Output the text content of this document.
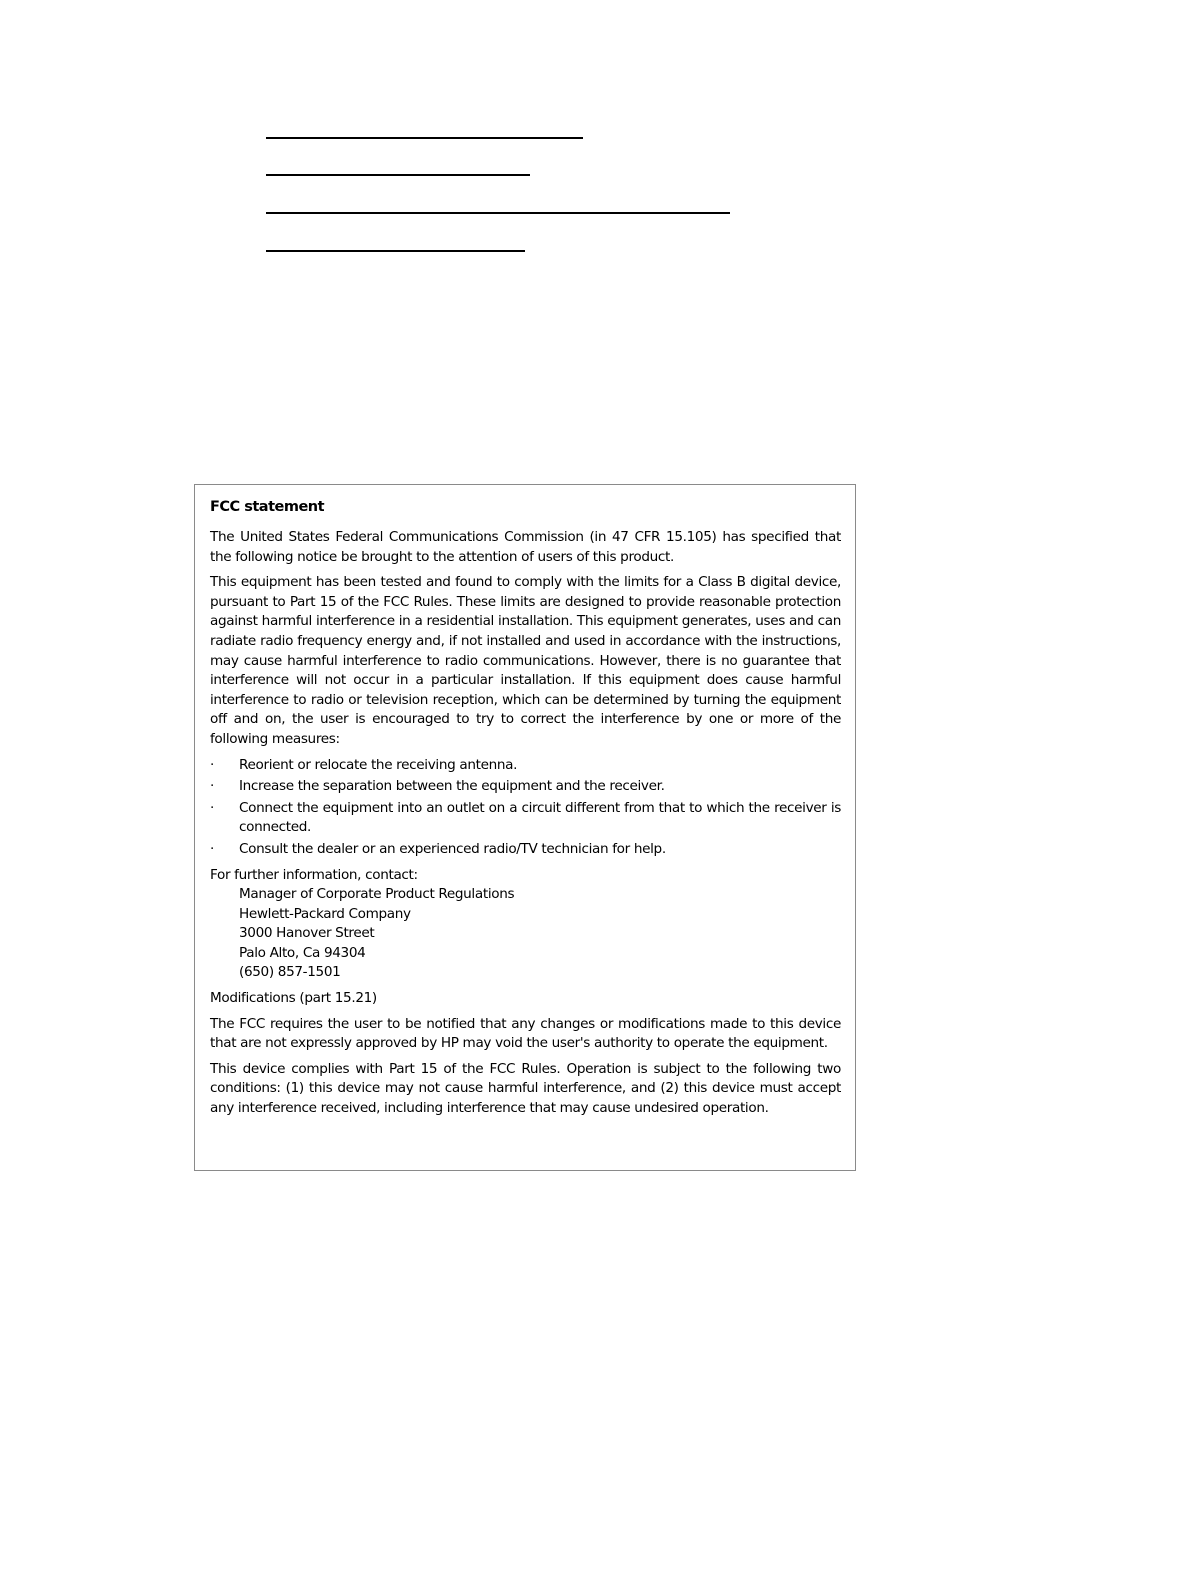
FCC statement

The United States Federal Communications Commission (in 47 CFR 15.105) has specified that the following notice be brought to the attention of users of this product.

This equipment has been tested and found to comply with the limits for a Class B digital device, pursuant to Part 15 of the FCC Rules. These limits are designed to provide reasonable protection against harmful interference in a residential installation. This equipment generates, uses and can radiate radio frequency energy and, if not installed and used in accordance with the instructions, may cause harmful interference to radio communications. However, there is no guarantee that interference will not occur in a particular installation. If this equipment does cause harmful interference to radio or television reception, which can be determined by turning the equipment off and on, the user is encouraged to try to correct the interference by one or more of the following measures:

· Reorient or relocate the receiving antenna.
· Increase the separation between the equipment and the receiver.
· Connect the equipment into an outlet on a circuit different from that to which the receiver is connected.
· Consult the dealer or an experienced radio/TV technician for help.
For further information, contact:
Manager of Corporate Product Regulations
Hewlett-Packard Company
3000 Hanover Street
Palo Alto, Ca 94304
(650) 857-1501

Modifications (part 15.21)

The FCC requires the user to be notified that any changes or modifications made to this device that are not expressly approved by HP may void the user's authority to operate the equipment.

This device complies with Part 15 of the FCC Rules. Operation is subject to the following two conditions: (1) this device may not cause harmful interference, and (2) this device must accept any interference received, including interference that may cause undesired operation.
